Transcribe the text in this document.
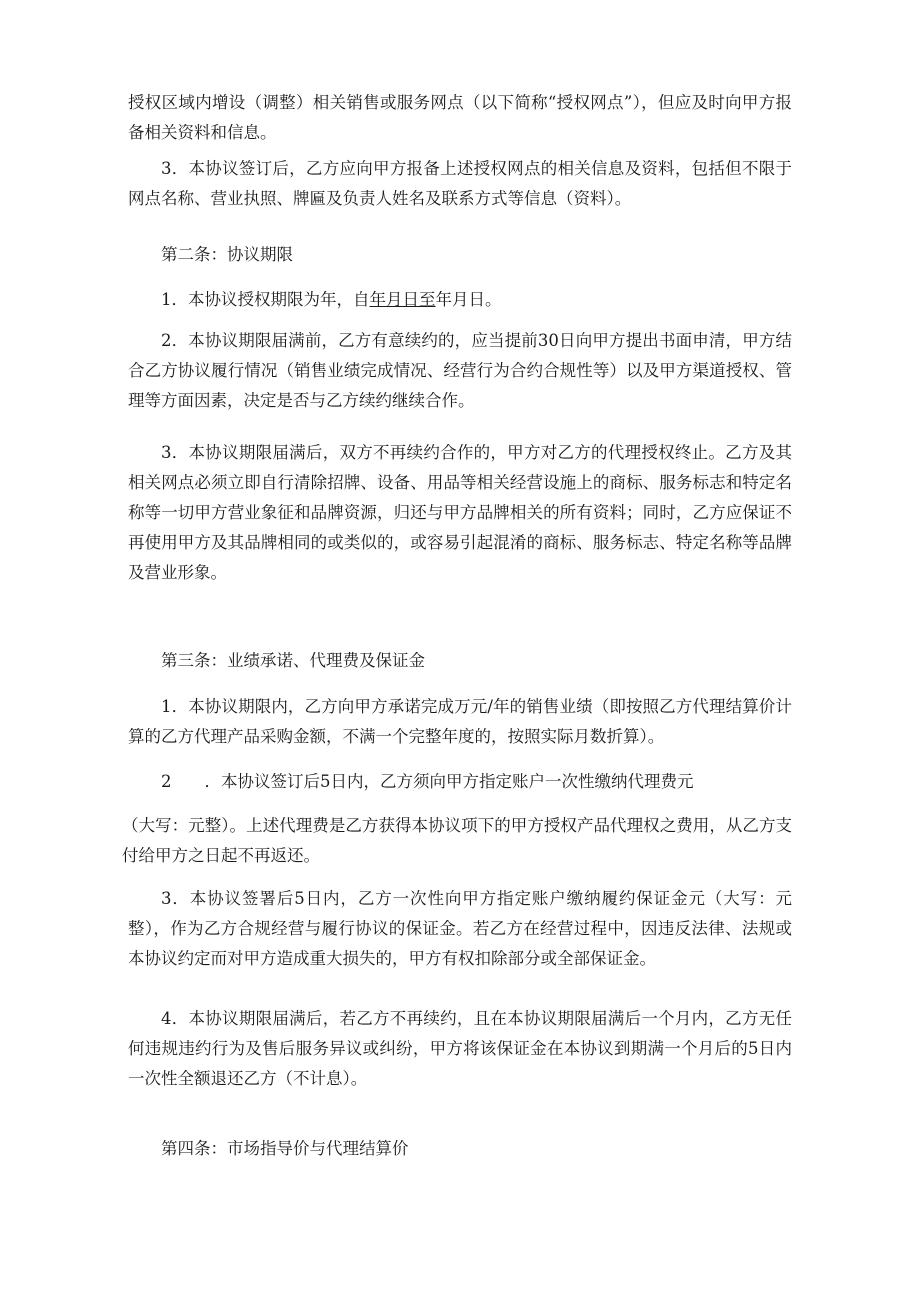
授权区域内增设（调整）相关销售或服务网点（以下简称“授权网点”），但应及时向甲方报备相关资料和信息。

3．本协议签订后，乙方应向甲方报备上述授权网点的相关信息及资料，包括但不限于网点名称、营业执照、牌匾及负责人姓名及联系方式等信息（资料）。

第二条：协议期限

1．本协议授权期限为年，自年月日至年月日。

2．本协议期限届满前，乙方有意续约的，应当提前30日向甲方提出书面申清，甲方结合乙方协议履行情况（销售业绩完成情况、经营行为合约合规性等）以及甲方渠道授权、管理等方面因素，决定是否与乙方续约继续合作。

3．本协议期限届满后，双方不再续约合作的，甲方对乙方的代理授权终止。乙方及其相关网点必须立即自行清除招牌、设备、用品等相关经营设施上的商标、服务标志和特定名称等一切甲方营业象征和品牌资源，归还与甲方品牌相关的所有资料；同时，乙方应保证不再使用甲方及其品牌相同的或类似的，或容易引起混淆的商标、服务标志、特定名称等品牌及营业形象。

第三条：业绩承诺、代理费及保证金

1．本协议期限内，乙方向甲方承诺完成万元/年的销售业绩（即按照乙方代理结算价计算的乙方代理产品采购金额，不满一个完整年度的，按照实际月数折算）。

2　　．本协议签订后5日内，乙方须向甲方指定账户一次性缴纳代理费元

（大写：元整）。上述代理费是乙方获得本协议项下的甲方授权产品代理权之费用，从乙方支付给甲方之日起不再返还。

3．本协议签署后5日内，乙方一次性向甲方指定账户缴纳履约保证金元（大写：元整），作为乙方合规经营与履行协议的保证金。若乙方在经营过程中，因违反法律、法规或本协议约定而对甲方造成重大损失的，甲方有权扣除部分或全部保证金。

4．本协议期限届满后，若乙方不再续约，且在本协议期限届满后一个月内，乙方无任何违规违约行为及售后服务异议或纠纷，甲方将该保证金在本协议到期满一个月后的5日内一次性全额退还乙方（不计息）。

第四条：市场指导价与代理结算价
